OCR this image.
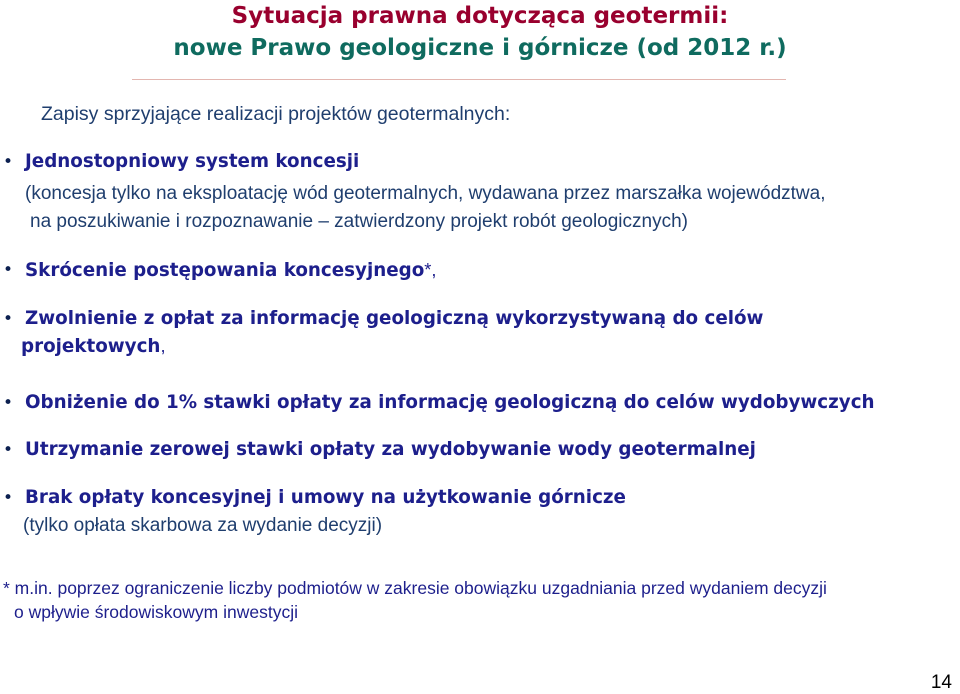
Sytuacja prawna dotycząca geotermii:
nowe Prawo geologiczne i górnicze (od 2012 r.)
Zapisy sprzyjające realizacji projektów geotermalnych:
• Jednostopniowy system koncesji
(koncesja tylko na eksploatację wód geotermalnych, wydawana przez marszałka województwa,
na poszukiwanie i rozpoznawanie – zatwierdzony projekt robót geologicznych)
• Skrócenie postępowania koncesyjnego*,
• Zwolnienie z opłat za informację geologiczną wykorzystywaną do celów
projektowych,
• Obniżenie do 1% stawki opłaty za informację geologiczną do celów wydobywczych
• Utrzymanie zerowej stawki opłaty za wydobywanie wody geotermalnej
• Brak opłaty koncesyjnej i umowy na użytkowanie górnicze
(tylko opłata skarbowa za wydanie decyzji)
* m.in. poprzez ograniczenie liczby podmiotów w zakresie obowiązku uzgadniania przed wydaniem decyzji
o wpływie środowiskowym inwestycji
14
